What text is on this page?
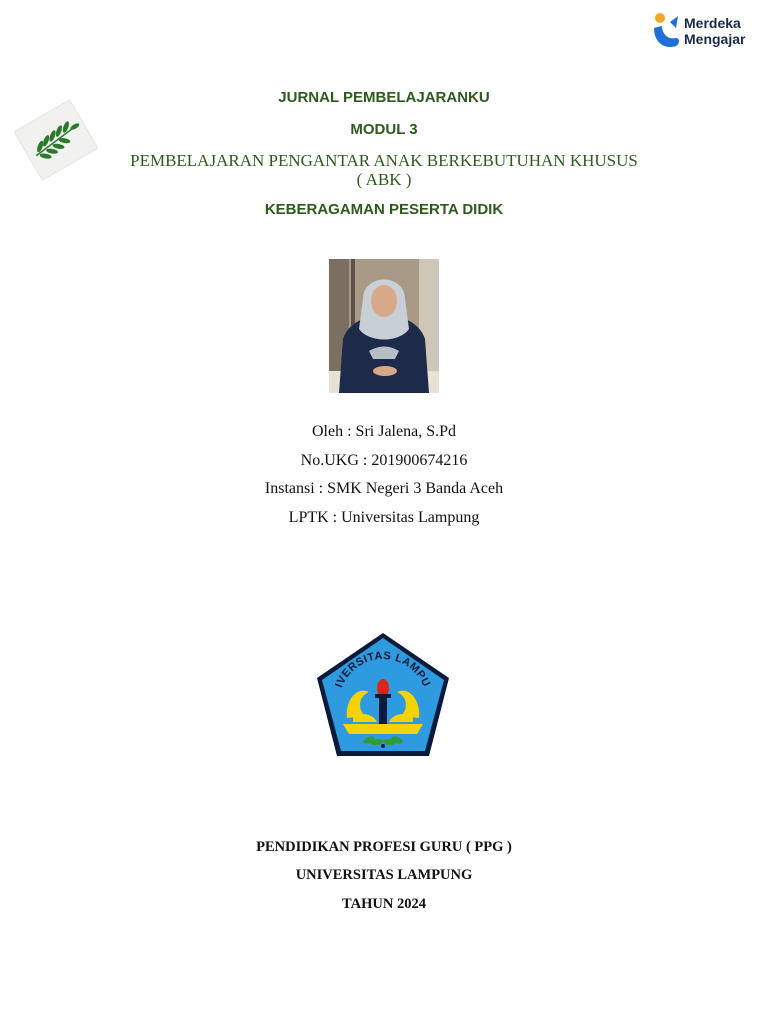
Merdeka
Mengajar
JURNAL PEMBELAJARANKU
MODUL 3
PEMBELAJARAN PENGANTAR ANAK BERKEBUTUHAN KHUSUS
( ABK )
KEBERAGAMAN PESERTA DIDIK
Oleh : Sri Jalena, S.Pd
No.UKG : 201900674216
Instansi : SMK Negeri 3 Banda Aceh
LPTK : Universitas Lampung
IVERSITAS LAMPU
PENDIDIKAN PROFESI GURU ( PPG )
UNIVERSITAS LAMPUNG
TAHUN 2024
